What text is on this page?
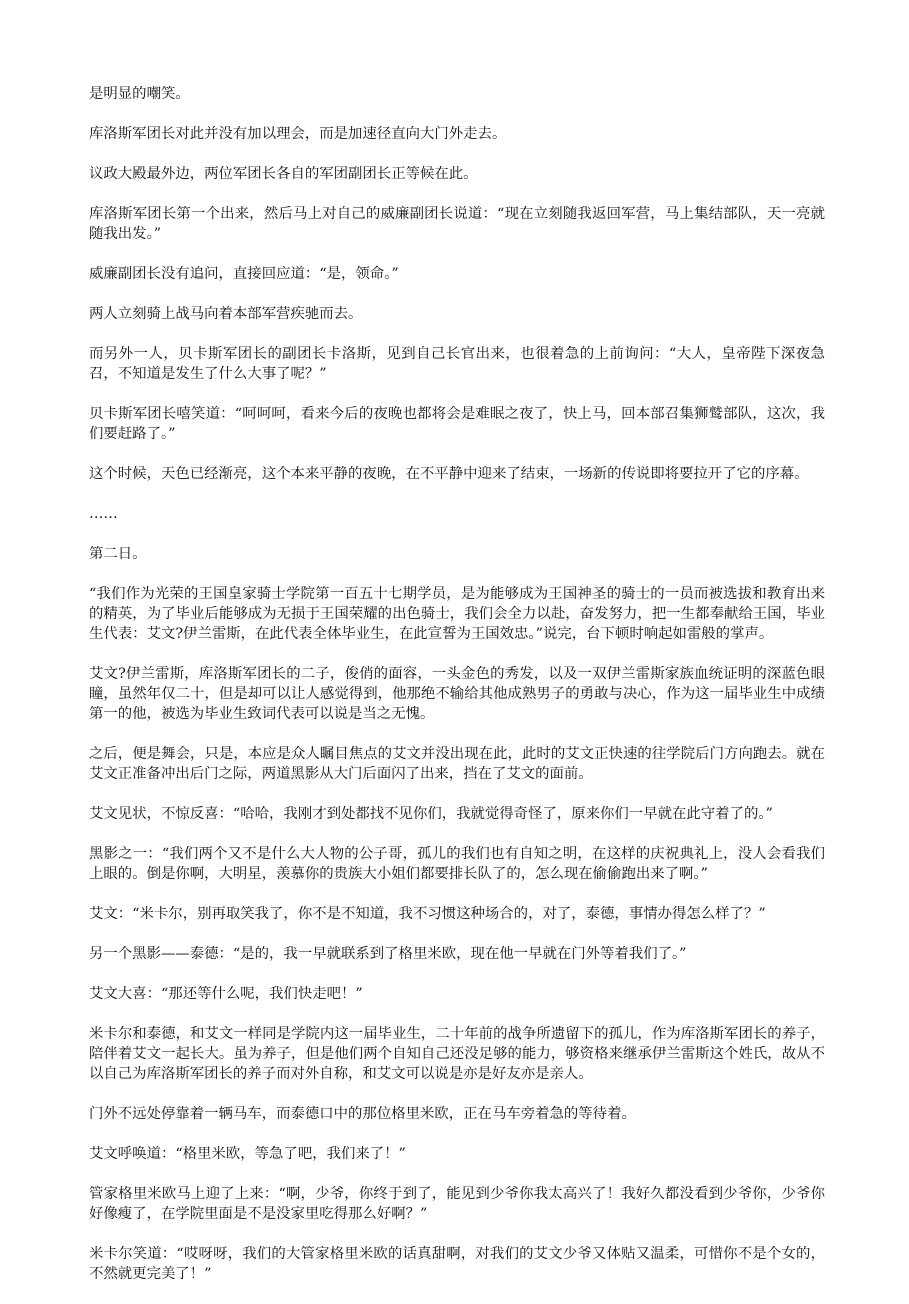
是明显的嘲笑。

库洛斯军团长对此并没有加以理会，而是加速径直向大门外走去。

议政大殿最外边，两位军团长各自的军团副团长正等候在此。

库洛斯军团长第一个出来，然后马上对自己的威廉副团长说道：“现在立刻随我返回军营，马上集结部队，天一亮就随我出发。”

威廉副团长没有追问，直接回应道：“是，领命。”

两人立刻骑上战马向着本部军营疾驰而去。

而另外一人，贝卡斯军团长的副团长卡洛斯，见到自己长官出来，也很着急的上前询问：“大人，皇帝陛下深夜急召，不知道是发生了什么大事了呢？”

贝卡斯军团长嘻笑道：“呵呵呵，看来今后的夜晚也都将会是难眠之夜了，快上马，回本部召集狮鹫部队，这次，我们要赶路了。”

这个时候，天色已经渐亮，这个本来平静的夜晚，在不平静中迎来了结束，一场新的传说即将要拉开了它的序幕。

……

第二日。

“我们作为光荣的王国皇家骑士学院第一百五十七期学员，是为能够成为王国神圣的骑士的一员而被选拔和教育出来的精英，为了毕业后能够成为无损于王国荣耀的出色骑士，我们会全力以赴，奋发努力，把一生都奉献给王国，毕业生代表：艾文?伊兰雷斯，在此代表全体毕业生，在此宣誓为王国效忠。”说完，台下顿时响起如雷般的掌声。

艾文?伊兰雷斯，库洛斯军团长的二子，俊俏的面容，一头金色的秀发，以及一双伊兰雷斯家族血统证明的深蓝色眼瞳，虽然年仅二十，但是却可以让人感觉得到，他那绝不输给其他成熟男子的勇敢与决心，作为这一届毕业生中成绩第一的他，被选为毕业生致词代表可以说是当之无愧。

之后，便是舞会，只是，本应是众人瞩目焦点的艾文并没出现在此，此时的艾文正快速的往学院后门方向跑去。就在艾文正准备冲出后门之际，两道黑影从大门后面闪了出来，挡在了艾文的面前。

艾文见状，不惊反喜：“哈哈，我刚才到处都找不见你们，我就觉得奇怪了，原来你们一早就在此守着了的。”

黑影之一：“我们两个又不是什么大人物的公子哥，孤儿的我们也有自知之明，在这样的庆祝典礼上，没人会看我们上眼的。倒是你啊，大明星，羡慕你的贵族大小姐们都要排长队了的，怎么现在偷偷跑出来了啊。”

艾文：“米卡尔，别再取笑我了，你不是不知道，我不习惯这种场合的，对了，泰德，事情办得怎么样了？”

另一个黑影——泰德：“是的，我一早就联系到了格里米欧，现在他一早就在门外等着我们了。”

艾文大喜：“那还等什么呢，我们快走吧！”

米卡尔和泰德，和艾文一样同是学院内这一届毕业生，二十年前的战争所遗留下的孤儿，作为库洛斯军团长的养子，陪伴着艾文一起长大。虽为养子，但是他们两个自知自己还没足够的能力，够资格来继承伊兰雷斯这个姓氏，故从不以自己为库洛斯军团长的养子而对外自称，和艾文可以说是亦是好友亦是亲人。

门外不远处停靠着一辆马车，而泰德口中的那位格里米欧，正在马车旁着急的等待着。

艾文呼唤道：“格里米欧，等急了吧，我们来了！”

管家格里米欧马上迎了上来：“啊，少爷，你终于到了，能见到少爷你我太高兴了！我好久都没看到少爷你，少爷你好像瘦了，在学院里面是不是没家里吃得那么好啊？”

米卡尔笑道：“哎呀呀，我们的大管家格里米欧的话真甜啊，对我们的艾文少爷又体贴又温柔，可惜你不是个女的，不然就更完美了！”
